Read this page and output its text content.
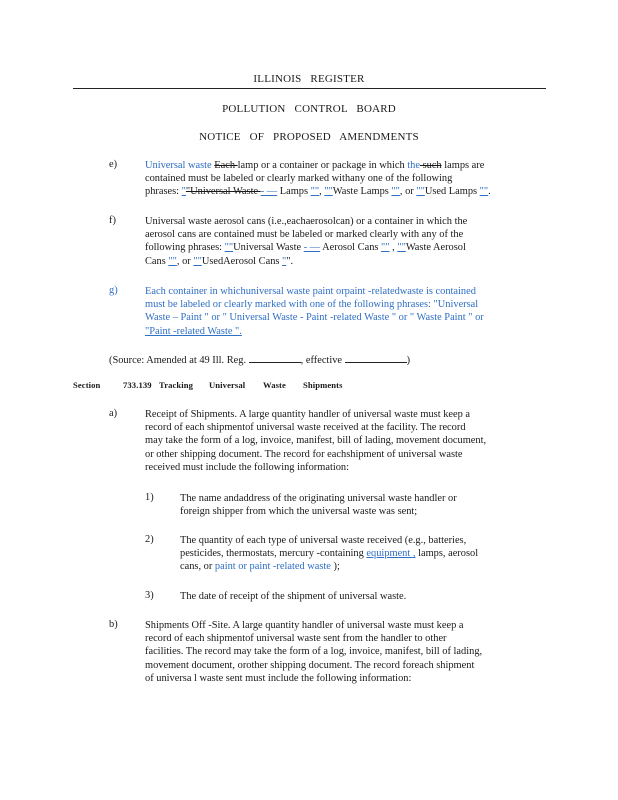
ILLINOIS REGISTER
POLLUTION CONTROL BOARD
NOTICE OF PROPOSED AMENDMENTS
e)	Universal waste Each lamp or a container or package in which the such lamps are
contained must be labeled or clearly marked withany one of the following
phrases: ""Universal Waste - — Lamps "", ""Waste Lamps "", or ""Used Lamps "".
f)	Universal waste aerosol cans (i.e.,eachaerosolcan) or a container in which the
aerosol cans are contained must be labeled or marked clearly with any of the
following phrases: ""Universal Waste - — Aerosol Cans "" , ""Waste Aerosol
Cans "", or ""UsedAerosol Cans "".
g)	Each container in whichuniversal waste paint orpaint -relatedwaste is contained
must be labeled or clearly marked with one of the following phrases: "Universal
Waste – Paint " or " Universal Waste - Paint -related Waste " or " Waste Paint " or
"Paint -related Waste ".
(Source: Amended at 49 Ill. Reg.	, effective	)
Section	733.139 Tracking Universal Waste Shipments
a)	Receipt of Shipments. A large quantity handler of universal waste must keep a
record of each shipmentof universal waste received at the facility. The record
may take the form of a log, invoice, manifest, bill of lading, movement document,
or other shipping document. The record for eachshipment of universal waste
received must include the following information:
1)	The name andaddress of the originating universal waste handler or
foreign shipper from which the universal waste was sent;
2)	The quantity of each type of universal waste received (e.g., batteries,
pesticides, thermostats, mercury -containing equipment , lamps, aerosol
cans, or paint or paint -related waste );
3)	The date of receipt of the shipment of universal waste.
b)	Shipments Off -Site. A large quantity handler of universal waste must keep a
record of each shipmentof universal waste sent from the handler to other
facilities. The record may take the form of a log, invoice, manifest, bill of lading,
movement document, orother shipping document. The record foreach shipment
of universa l waste sent must include the following information:
